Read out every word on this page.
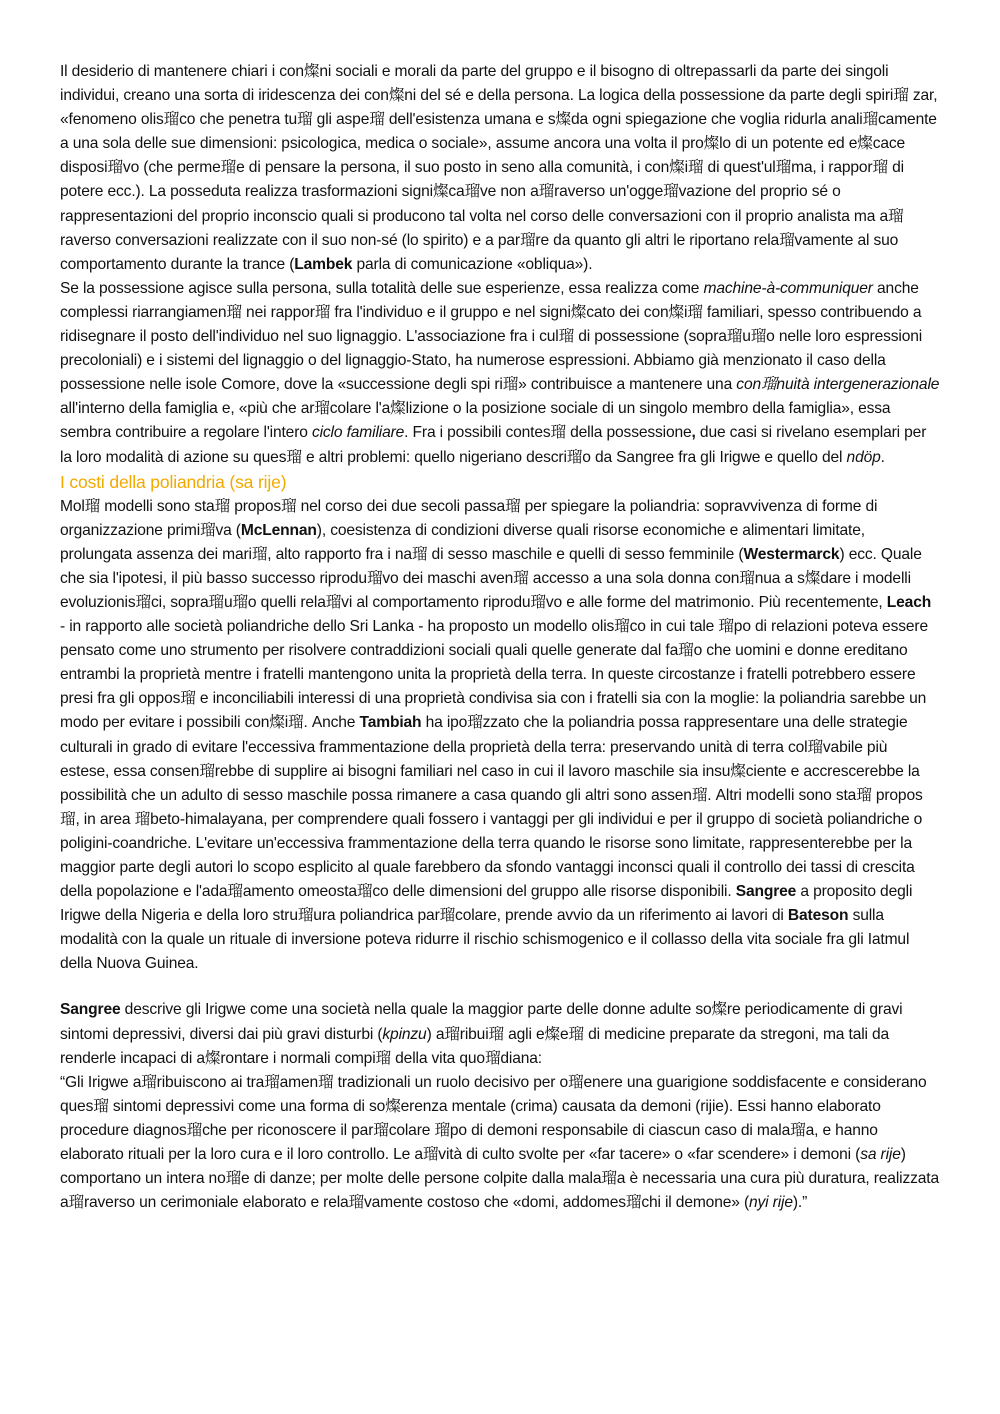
Il desiderio di mantenere chiari i con燦ni sociali e morali da parte del gruppo e il bisogno di oltrepassarli da parte dei singoli individui, creano una sorta di iridescenza dei con燦ni del sé e della persona. La logica della possessione da parte degli spiri瑠 zar, «fenomeno olis瑠co che penetra tu瑠 gli aspe瑠 dell'esistenza umana e s燦da ogni spiegazione che voglia ridurla anali瑠camente a una sola delle sue dimensioni: psicologica, medica o sociale», assume ancora una volta il pro燦lo di un potente ed e燦cace disposi瑠vo (che perme瑠e di pensare la persona, il suo posto in seno alla comunità, i con燦i瑠 di quest'ul瑠ma, i rappor瑠 di potere ecc.). La posseduta realizza trasformazioni signi燦ca瑠ve non a瑠raverso un'ogge瑠vazione del proprio sé o rappresentazioni del proprio inconscio quali si producono tal volta nel corso delle conversazioni con il proprio analista ma a瑠raverso conversazioni realizzate con il suo non-sé (lo spirito) e a par瑠re da quanto gli altri le riportano rela瑠vamente al suo comportamento durante la trance (Lambek parla di comunicazione «obliqua»).

Se la possessione agisce sulla persona, sulla totalità delle sue esperienze, essa realizza come machine-à-communiquer anche complessi riarrangiamen瑠 nei rappor瑠 fra l'individuo e il gruppo e nel signi燦cato dei con燦i瑠 familiari, spesso contribuendo a ridisegnare il posto dell'individuo nel suo lignaggio. L'associazione fra i cul瑠 di possessione (sopra瑠u瑠o nelle loro espressioni precoloniali) e i sistemi del lignaggio o del lignaggio-Stato, ha numerose espressioni. Abbiamo già menzionato il caso della possessione nelle isole Comore, dove la «successione degli spi ri瑠» contribuisce a mantenere una con瑠nuità intergenerazionale all'interno della famiglia e, «più che ar瑠colare l'a燦lizione o la posizione sociale di un singolo membro della famiglia», essa sembra contribuire a regolare l'intero ciclo familiare. Fra i possibili contes瑠 della possessione, due casi si rivelano esemplari per la loro modalità di azione su ques瑠 e altri problemi: quello nigeriano descri瑠o da Sangree fra gli Irigwe e quello del ndöp.

I costi della poliandria (sa rije)

Mol瑠 modelli sono sta瑠 propos瑠 nel corso dei due secoli passa瑠 per spiegare la poliandria: sopravvivenza di forme di organizzazione primi瑠va (McLennan), coesistenza di condizioni diverse quali risorse economiche e alimentari limitate, prolungata assenza dei mari瑠, alto rapporto fra i na瑠 di sesso maschile e quelli di sesso femminile (Westermarck) ecc. Quale che sia l'ipotesi, il più basso successo riprodu瑠vo dei maschi aven瑠 accesso a una sola donna con瑠nua a s燦dare i modelli evoluzionis瑠ci, sopra瑠u瑠o quelli rela瑠vi al comportamento riprodu瑠vo e alle forme del matrimonio. Più recentemente, Leach - in rapporto alle società poliandriche dello Sri Lanka - ha proposto un modello olis瑠co in cui tale 瑠po di relazioni poteva essere pensato come uno strumento per risolvere contraddizioni sociali quali quelle generate dal fa瑠o che uomini e donne ereditano entrambi la proprietà mentre i fratelli mantengono unita la proprietà della terra. In queste circostanze i fratelli potrebbero essere presi fra gli oppos瑠 e inconciliabili interessi di una proprietà condivisa sia con i fratelli sia con la moglie: la poliandria sarebbe un modo per evitare i possibili con燦i瑠. Anche Tambiah ha ipo瑠zzato che la poliandria possa rappresentare una delle strategie culturali in grado di evitare l'eccessiva frammentazione della proprietà della terra: preservando unità di terra col瑠vabile più estese, essa consen瑠rebbe di supplire ai bisogni familiari nel caso in cui il lavoro maschile sia insu燦ciente e accrescerebbe la possibilità che un adulto di sesso maschile possa rimanere a casa quando gli altri sono assen瑠. Altri modelli sono sta瑠 propos瑠, in area 瑠beto-himalayana, per comprendere quali fossero i vantaggi per gli individui e per il gruppo di società poliandriche o poligini-coandriche. L'evitare un'eccessiva frammentazione della terra quando le risorse sono limitate, rappresenterebbe per la maggior parte degli autori lo scopo esplicito al quale farebbero da sfondo vantaggi inconsci quali il controllo dei tassi di crescita della popolazione e l'ada瑠amento omeosta瑠co delle dimensioni del gruppo alle risorse disponibili. Sangree a proposito degli Irigwe della Nigeria e della loro stru瑠ura poliandrica par瑠colare, prende avvio da un riferimento ai lavori di Bateson sulla modalità con la quale un rituale di inversione poteva ridurre il rischio schismogenico e il collasso della vita sociale fra gli Iatmul della Nuova Guinea.

Sangree descrive gli Irigwe come una società nella quale la maggior parte delle donne adulte so燦re periodicamente di gravi sintomi depressivi, diversi dai più gravi disturbi (kpinzu) a瑠ribui瑠 agli e燦e瑠 di medicine preparate da stregoni, ma tali da renderle incapaci di a燦rontare i normali compi瑠 della vita quo瑠diana:

“Gli Irigwe a瑠ribuiscono ai tra瑠amen瑠 tradizionali un ruolo decisivo per o瑠enere una guarigione soddisfacente e considerano ques瑠 sintomi depressivi come una forma di so燦erenza mentale (crima) causata da demoni (rijie). Essi hanno elaborato procedure diagnos瑠che per riconoscere il par瑠colare 瑠po di demoni responsabile di ciascun caso di mala瑠a, e hanno elaborato rituali per la loro cura e il loro controllo. Le a瑠vità di culto svolte per «far tacere» o «far scendere» i demoni (sa rije) comportano un intera no瑠e di danze; per molte delle persone colpite dalla mala瑠a è necessaria una cura più duratura, realizzata a瑠raverso un cerimoniale elaborato e rela瑠vamente costoso che «domi, addomes瑠chi il demone» (nyi rije).”
